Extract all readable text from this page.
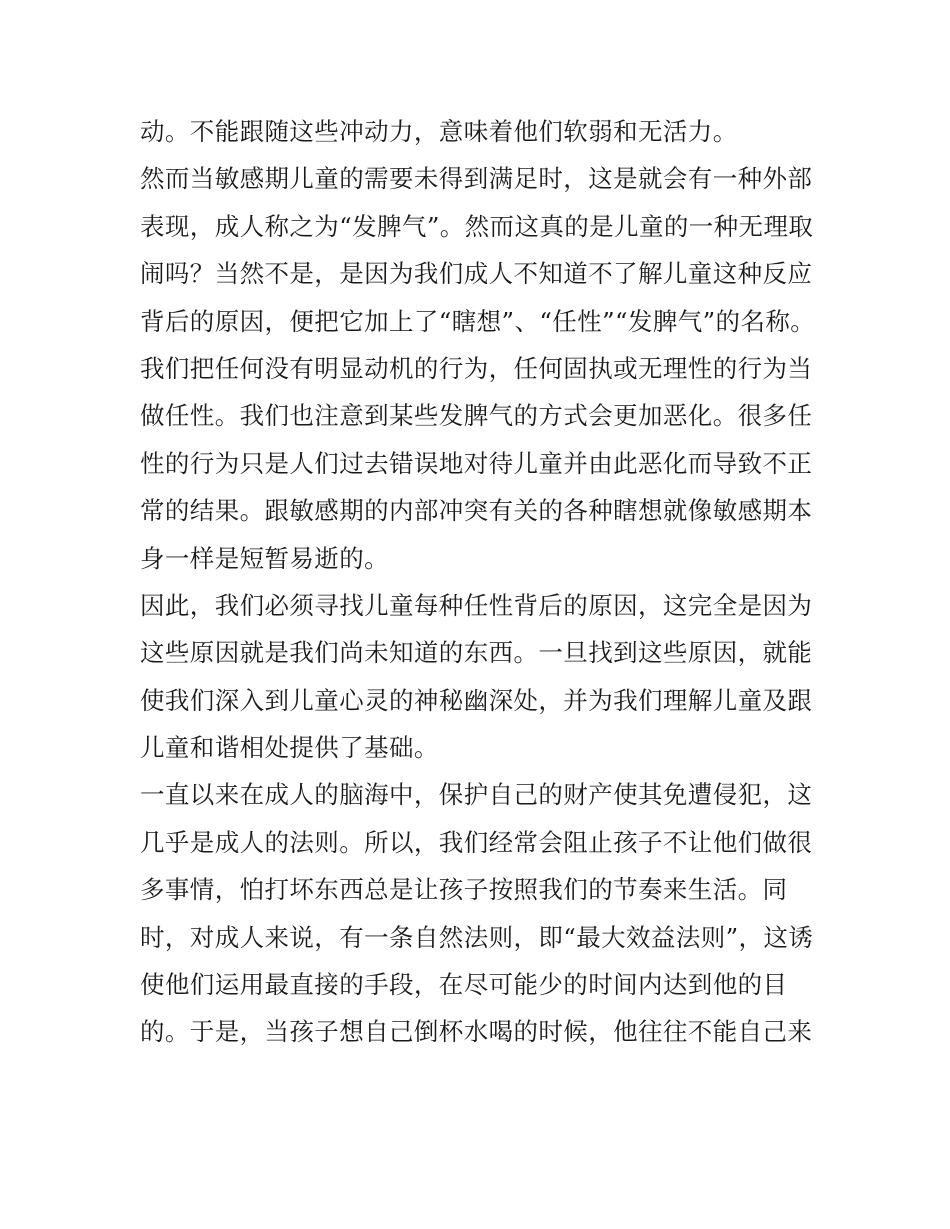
动。不能跟随这些冲动力，意味着他们软弱和无活力。
然而当敏感期儿童的需要未得到满足时，这是就会有一种外部
表现，成人称之为“发脾气”。然而这真的是儿童的一种无理取
闹吗？当然不是，是因为我们成人不知道不了解儿童这种反应
背后的原因，便把它加上了“瞎想”、“任性”“发脾气”的名称。
我们把任何没有明显动机的行为，任何固执或无理性的行为当
做任性。我们也注意到某些发脾气的方式会更加恶化。很多任
性的行为只是人们过去错误地对待儿童并由此恶化而导致不正
常的结果。跟敏感期的内部冲突有关的各种瞎想就像敏感期本
身一样是短暂易逝的。
因此，我们必须寻找儿童每种任性背后的原因，这完全是因为
这些原因就是我们尚未知道的东西。一旦找到这些原因，就能
使我们深入到儿童心灵的神秘幽深处，并为我们理解儿童及跟
儿童和谐相处提供了基础。
一直以来在成人的脑海中，保护自己的财产使其免遭侵犯，这
几乎是成人的法则。所以，我们经常会阻止孩子不让他们做很
多事情，怕打坏东西总是让孩子按照我们的节奏来生活。同
时，对成人来说，有一条自然法则，即“最大效益法则”，这诱
使他们运用最直接的手段，在尽可能少的时间内达到他的目
的。于是，当孩子想自己倒杯水喝的时候，他往往不能自己来
